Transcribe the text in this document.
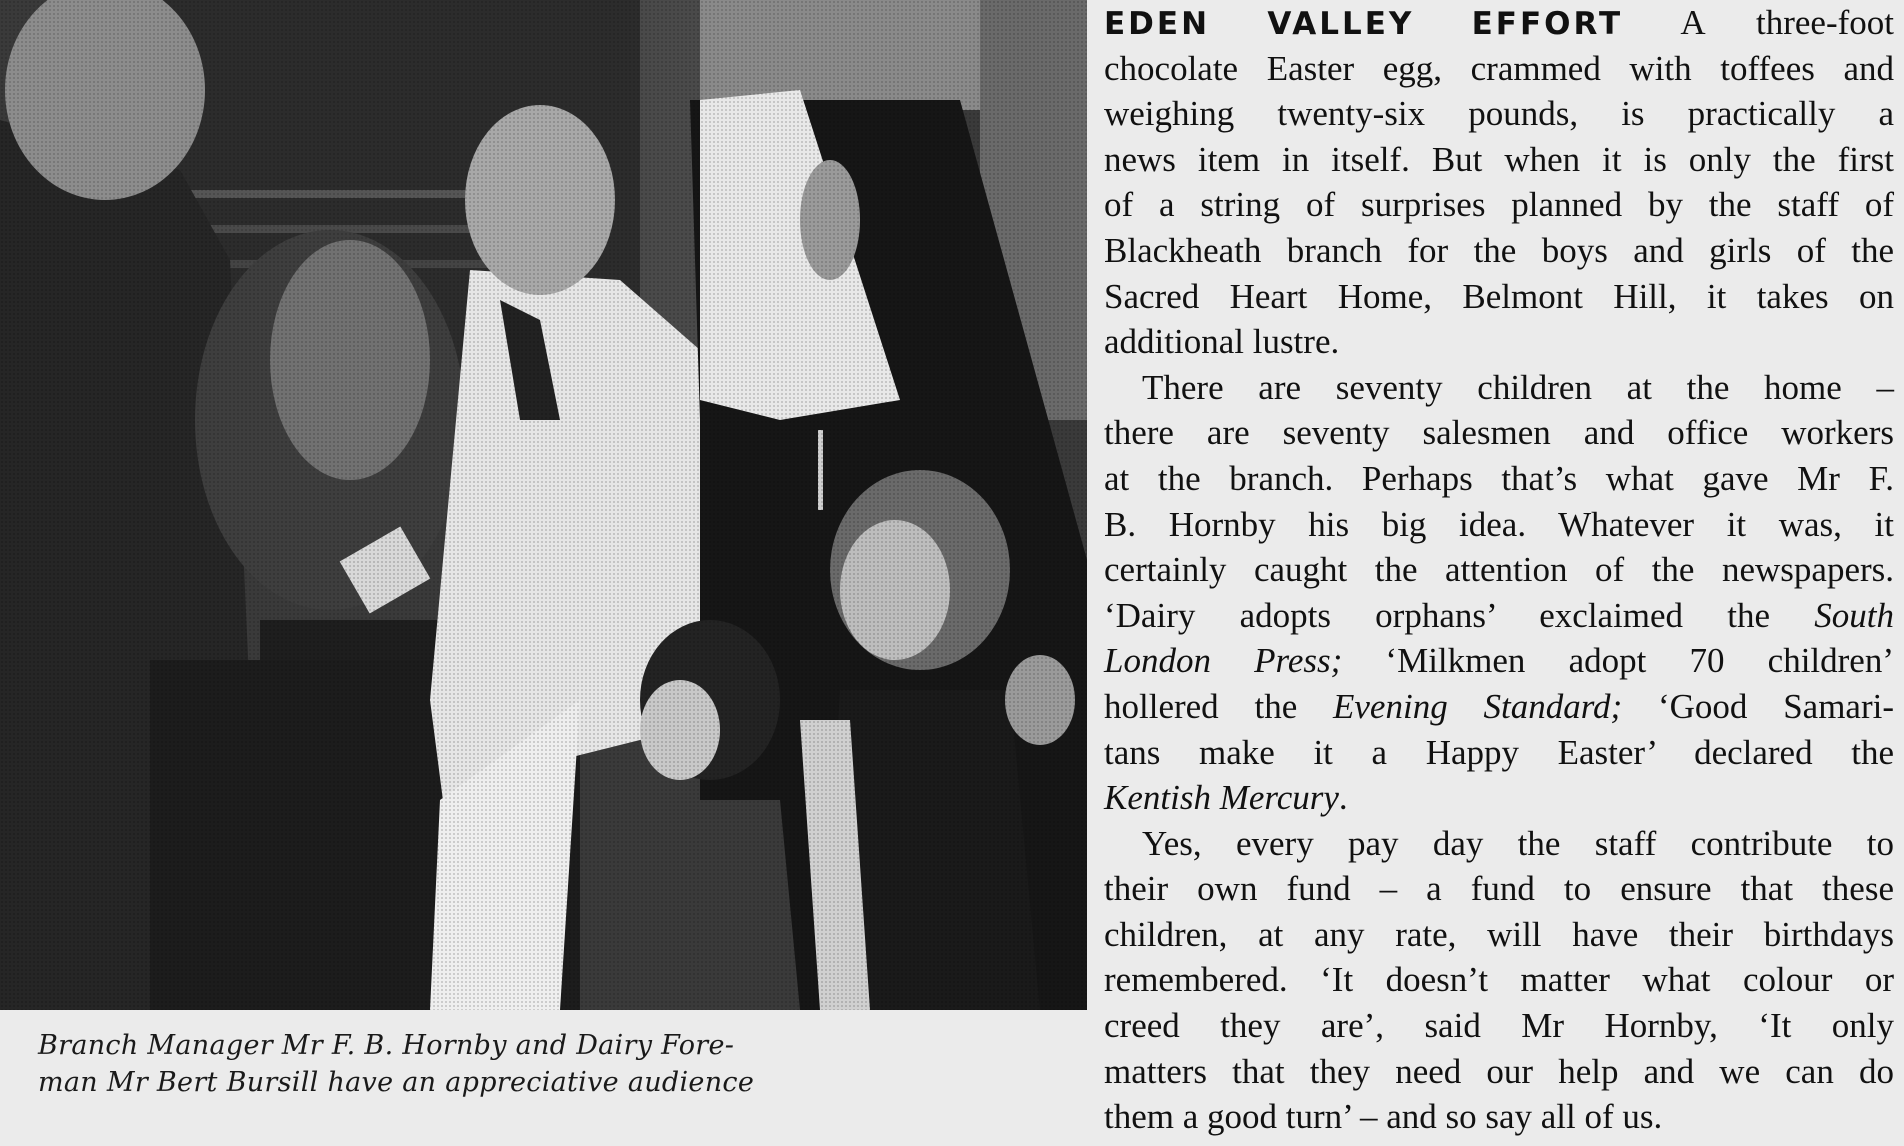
Branch Manager Mr F. B. Hornby and Dairy Fore-
man Mr Bert Bursill have an appreciative audience
EDEN VALLEY EFFORT A three-foot
chocolate Easter egg, crammed with toffees and
weighing twenty-six pounds, is practically a
news item in itself. But when it is only the first
of a string of surprises planned by the staff of
Blackheath branch for the boys and girls of the
Sacred Heart Home, Belmont Hill, it takes on
additional lustre.
There are seventy children at the home –
there are seventy salesmen and office workers
at the branch. Perhaps that’s what gave Mr F.
B. Hornby his big idea. Whatever it was, it
certainly caught the attention of the newspapers.
‘Dairy adopts orphans’ exclaimed the South
London Press; ‘Milkmen adopt 70 children’
hollered the Evening Standard; ‘Good Samari-
tans make it a Happy Easter’ declared the
Kentish Mercury.
Yes, every pay day the staff contribute to
their own fund – a fund to ensure that these
children, at any rate, will have their birthdays
remembered. ‘It doesn’t matter what colour or
creed they are’, said Mr Hornby, ‘It only
matters that they need our help and we can do
them a good turn’ – and so say all of us.
